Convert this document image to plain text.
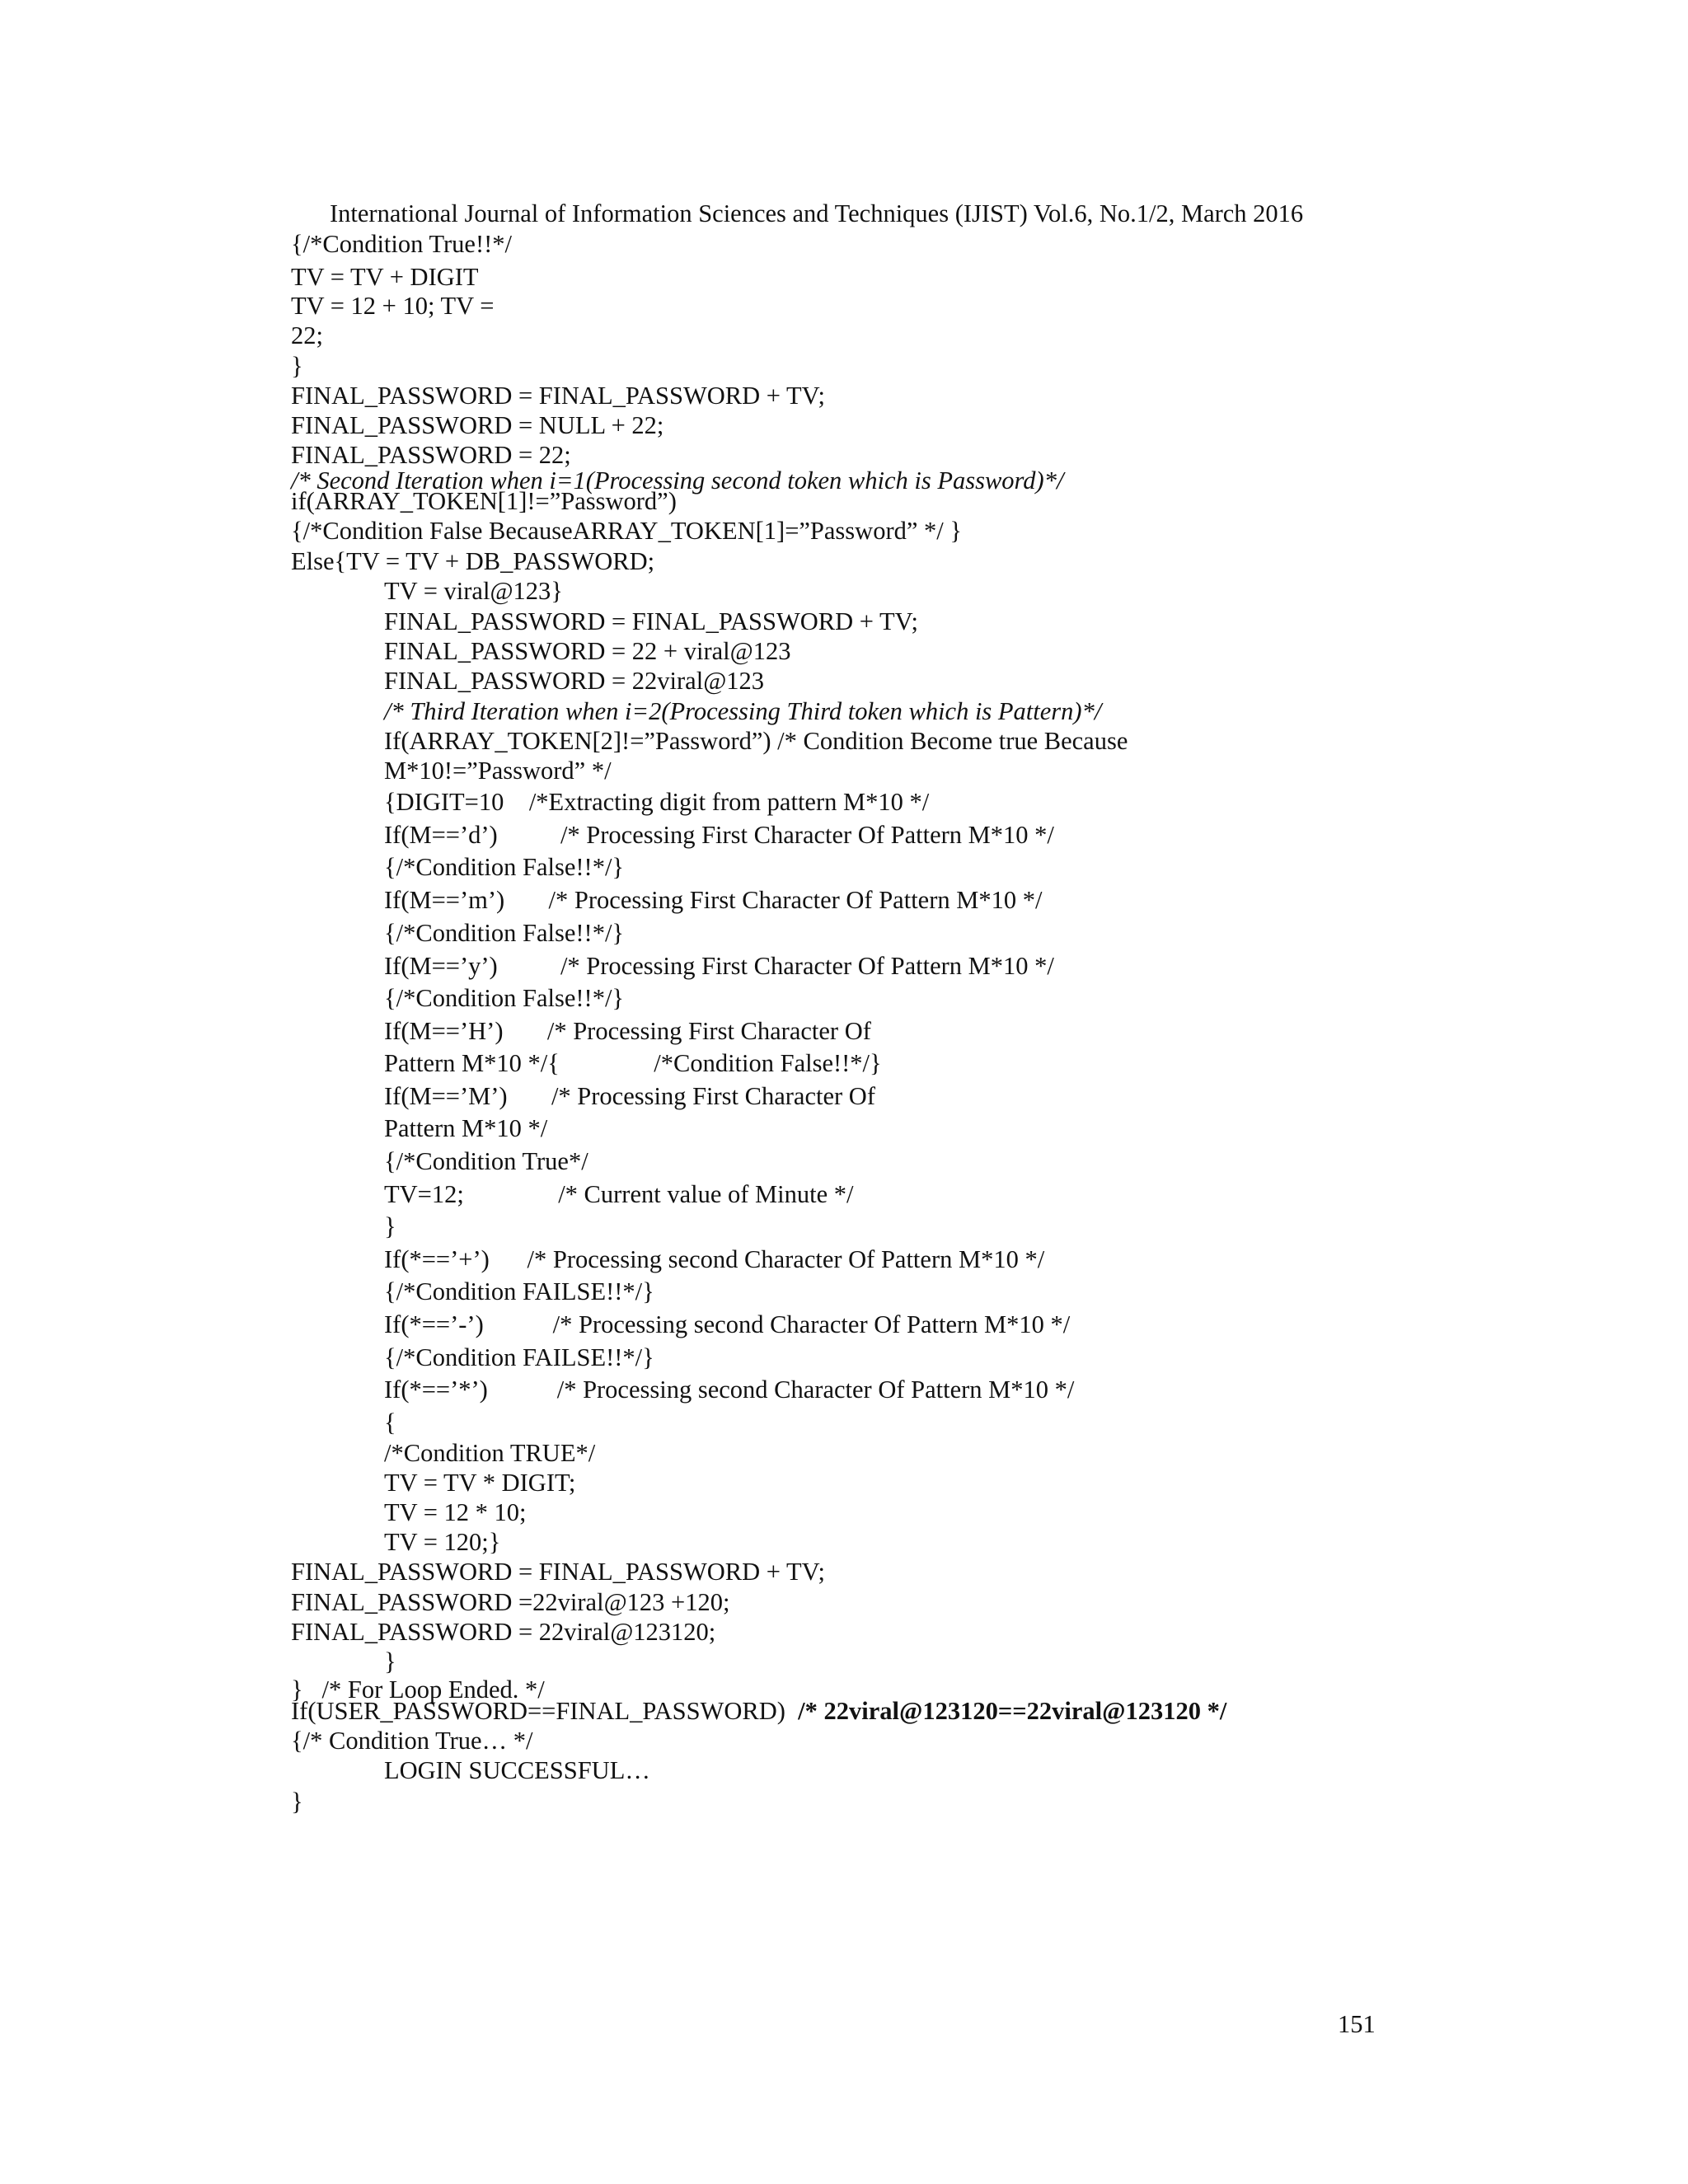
International Journal of Information Sciences and Techniques (IJIST) Vol.6, No.1/2, March 2016
{/*Condition True!!*/
TV = TV + DIGIT
TV = 12 + 10; TV =
22;
}
FINAL_PASSWORD = FINAL_PASSWORD + TV;
FINAL_PASSWORD = NULL + 22;
FINAL_PASSWORD = 22;
/* Second Iteration when i=1(Processing second token which is Password)*/
if(ARRAY_TOKEN[1]!=”Password”)
{/*Condition False BecauseARRAY_TOKEN[1]=”Password” */ }
Else{TV = TV + DB_PASSWORD;
TV = viral@123}
FINAL_PASSWORD = FINAL_PASSWORD + TV;
FINAL_PASSWORD = 22 + viral@123
FINAL_PASSWORD = 22viral@123
/* Third Iteration when i=2(Processing Third token which is Pattern)*/
If(ARRAY_TOKEN[2]!=”Password”) /* Condition Become true Because
M*10!=”Password” */
{DIGIT=10    /*Extracting digit from pattern M*10 */
If(M==’d’)          /* Processing First Character Of Pattern M*10 */
{/*Condition False!!*/}
If(M==’m’)       /* Processing First Character Of Pattern M*10 */
{/*Condition False!!*/}
If(M==’y’)          /* Processing First Character Of Pattern M*10 */
{/*Condition False!!*/}
If(M==’H’)       /* Processing First Character Of
Pattern M*10 */{               /*Condition False!!*/}
If(M==’M’)       /* Processing First Character Of
Pattern M*10 */
{/*Condition True*/
TV=12;               /* Current value of Minute */
}
If(*==’+’)      /* Processing second Character Of Pattern M*10 */
{/*Condition FAILSE!!*/}
If(*==’-’)           /* Processing second Character Of Pattern M*10 */
{/*Condition FAILSE!!*/}
If(*==’*’)           /* Processing second Character Of Pattern M*10 */
{
/*Condition TRUE*/
TV = TV * DIGIT;
TV = 12 * 10;
TV = 120;}
FINAL_PASSWORD = FINAL_PASSWORD + TV;
FINAL_PASSWORD =22viral@123 +120;
FINAL_PASSWORD = 22viral@123120;
}
}   /* For Loop Ended. */
If(USER_PASSWORD==FINAL_PASSWORD)  /* 22viral@123120==22viral@123120 */
{/* Condition True… */
LOGIN SUCCESSFUL…
}
151
